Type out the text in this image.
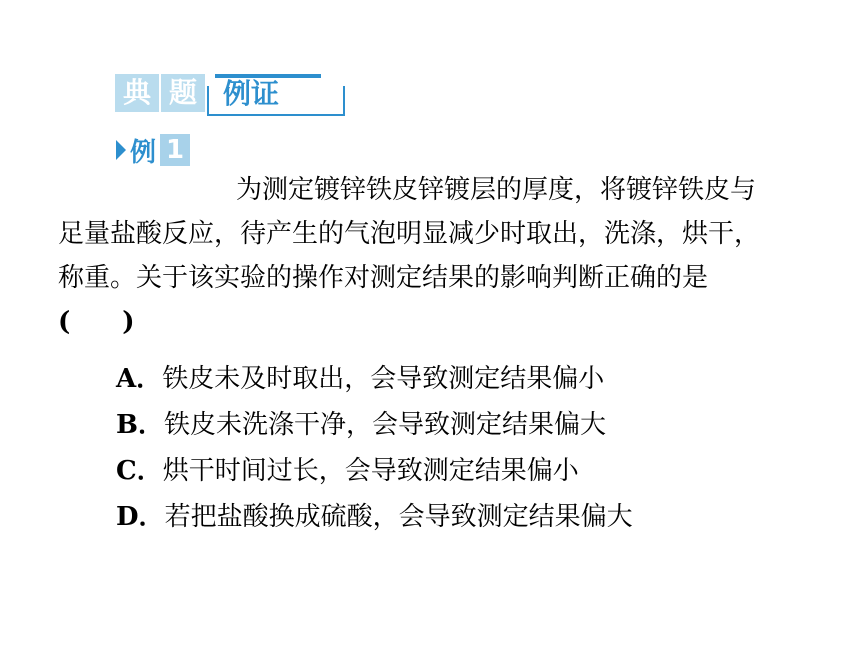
典 题 例证
例 1

为测定镀锌铁皮锌镀层的厚度，将镀锌铁皮与

足量盐酸反应，待产生的气泡明显减少时取出，洗涤，烘干，

称重。关于该实验的操作对测定结果的影响判断正确的是

(　　)

A．铁皮未及时取出，会导致测定结果偏小
B．铁皮未洗涤干净，会导致测定结果偏大
C．烘干时间过长，会导致测定结果偏小
D．若把盐酸换成硫酸，会导致测定结果偏大
